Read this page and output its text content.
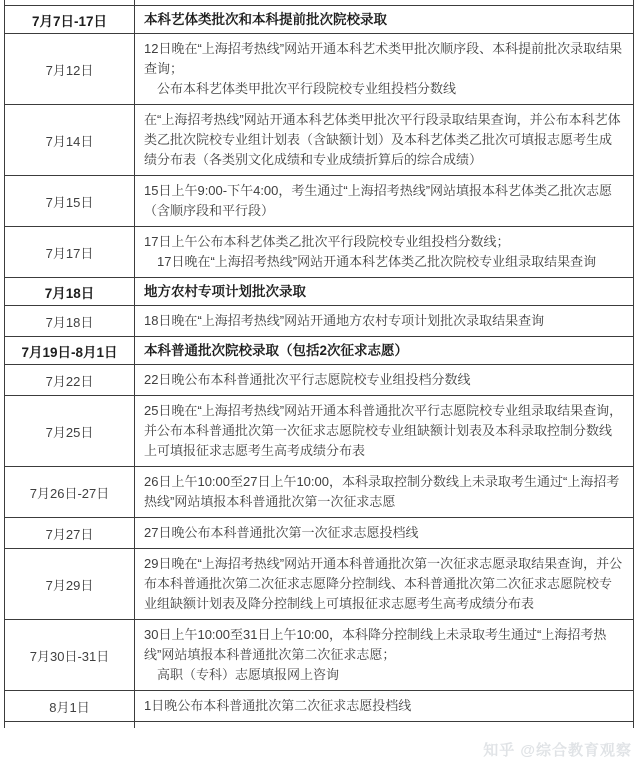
7月7日-17日	本科艺体类批次和本科提前批次院校录取

7月12日	12日晚在“上海招考热线”网站开通本科艺术类甲批次顺序段、本科提前批次录取结果查询；
　公布本科艺体类甲批次平行段院校专业组投档分数线

7月14日	在“上海招考热线”网站开通本科艺体类甲批次平行段录取结果查询，并公布本科艺体类乙批次院校专业组计划表（含缺额计划）及本科艺体类乙批次可填报志愿考生成绩分布表（各类别文化成绩和专业成绩折算后的综合成绩）

7月15日	15日上午9:00-下午4:00，考生通过“上海招考热线”网站填报本科艺体类乙批次志愿（含顺序段和平行段）

7月17日	17日上午公布本科艺体类乙批次平行段院校专业组投档分数线；
　17日晚在“上海招考热线”网站开通本科艺体类乙批次院校专业组录取结果查询

7月18日	地方农村专项计划批次录取

7月18日	18日晚在“上海招考热线”网站开通地方农村专项计划批次录取结果查询

7月19日-8月1日	本科普通批次院校录取（包括2次征求志愿）

7月22日	22日晚公布本科普通批次平行志愿院校专业组投档分数线

7月25日	25日晚在“上海招考热线”网站开通本科普通批次平行志愿院校专业组录取结果查询，并公布本科普通批次第一次征求志愿院校专业组缺额计划表及本科录取控制分数线上可填报征求志愿考生高考成绩分布表

7月26日-27日	26日上午10:00至27日上午10:00，本科录取控制分数线上未录取考生通过“上海招考热线”网站填报本科普通批次第一次征求志愿

7月27日	27日晚公布本科普通批次第一次征求志愿投档线

7月29日	29日晚在“上海招考热线”网站开通本科普通批次第一次征求志愿录取结果查询，并公布本科普通批次第二次征求志愿降分控制线、本科普通批次第二次征求志愿院校专业组缺额计划表及降分控制线上可填报征求志愿考生高考成绩分布表

7月30日-31日	30日上午10:00至31日上午10:00，本科降分控制线上未录取考生通过“上海招考热线”网站填报本科普通批次第二次征求志愿；
　高职（专科）志愿填报网上咨询

8月1日	1日晚公布本科普通批次第二次征求志愿投档线

知乎 @综合教育观察
